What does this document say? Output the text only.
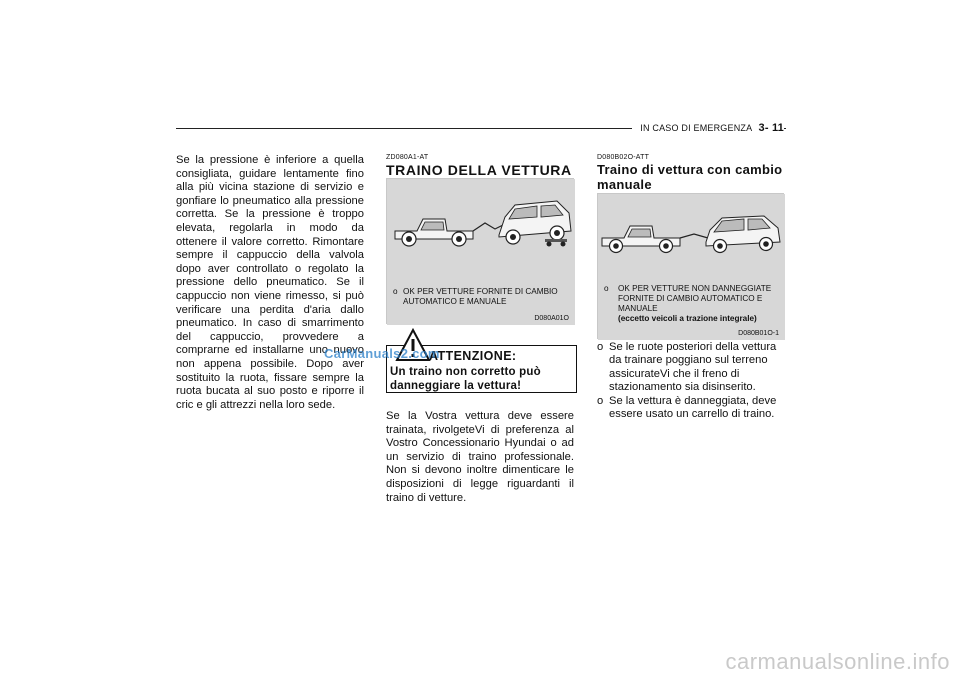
IN CASO DI EMERGENZA 3- 11
Se la pressione è inferiore a quella consigliata, guidare lentamente fino alla più vicina stazione di servizio e gonfiare lo pneumatico alla pressione corretta. Se la pressione è troppo elevata, regolarla in modo da ottenere il valore corretto. Rimontare sempre il cappuccio della valvola dopo aver controllato o regolato la pressione dello pneumatico. Se il cappuccio non viene rimesso, si può verificare una perdita d'aria dallo pneumatico. In caso di smarrimento del cappuccio, provvedere a comprarne ed installarne uno nuovo non appena possibile. Dopo aver sostituito la ruota, fissare sempre la ruota bucata al suo posto e riporre il cric e gli attrezzi nella loro sede.
ZD080A1-AT
TRAINO DELLA VETTURA
o OK PER VETTURE FORNITE DI CAMBIO AUTOMATICO E MANUALE
D080A01O
ATTENZIONE:
Un traino non corretto può danneggiare la vettura!
Se la Vostra vettura deve essere trainata, rivolgeteVi di preferenza al Vostro Concessionario Hyundai o ad un servizio di traino professionale. Non si devono inoltre dimenticare le disposizioni di legge riguardanti il traino di vetture.
D080B02O-ATT
Traino di vettura con cambio manuale
o	OK PER VETTURE NON DANNEGGIATE FORNITE DI CAMBIO AUTOMATICO E MANUALE
(eccetto veicoli a trazione integrale)
D080B01O-1
o Se le ruote posteriori della vettura da trainare poggiano sul terreno assicurateVi che il freno di stazionamento sia disinserito.
o Se la vettura è danneggiata, deve essere usato un carrello di traino.
CarManuals2.com
carmanualsonline.info
